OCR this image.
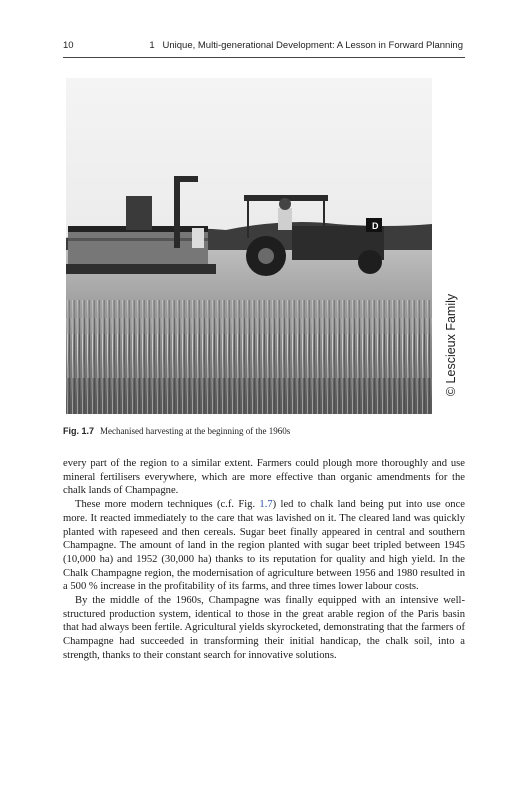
10	1   Unique, Multi-generational Development: A Lesson in Forward Planning
D
© Lescieux Family
Fig. 1.7 Mechanised harvesting at the beginning of the 1960s

every part of the region to a similar extent. Farmers could plough more thoroughly and use mineral fertilisers everywhere, which are more effective than organic amendments for the chalk lands of Champagne.

These more modern techniques (c.f. Fig. 1.7) led to chalk land being put into use once more. It reacted immediately to the care that was lavished on it. The cleared land was quickly planted with rapeseed and then cereals. Sugar beet finally appeared in central and southern Champagne. The amount of land in the region planted with sugar beet tripled between 1945 (10,000 ha) and 1952 (30,000 ha) thanks to its reputation for quality and high yield. In the Chalk Champagne region, the modernisation of agriculture between 1956 and 1980 resulted in a 500 % increase in the profitability of its farms, and three times lower labour costs.

By the middle of the 1960s, Champagne was finally equipped with an intensive well-structured production system, identical to those in the great arable region of the Paris basin that had always been fertile. Agricultural yields skyrocketed, demonstrating that the farmers of Champagne had succeeded in transforming their initial handicap, the chalk soil, into a strength, thanks to their constant search for innovative solutions.
